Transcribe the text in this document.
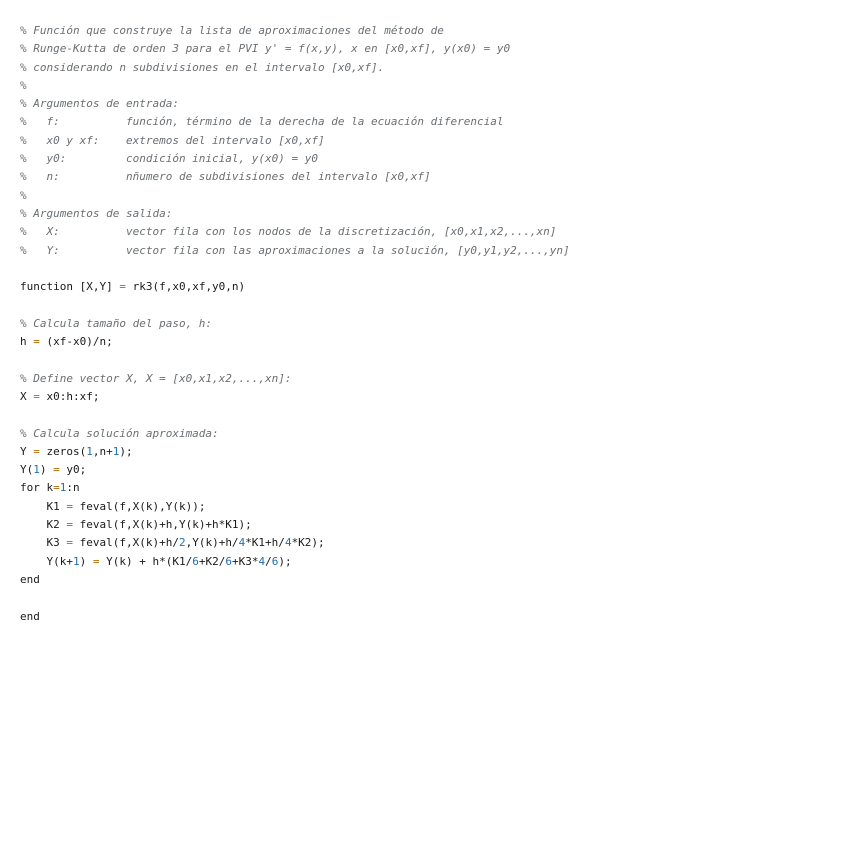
% Función que construye la lista de aproximaciones del método de
% Runge-Kutta de orden 3 para el PVI y' = f(x,y), x en [x0,xf], y(x0) = y0
% considerando n subdivisiones en el intervalo [x0,xf].
%
% Argumentos de entrada:
%   f:          función, término de la derecha de la ecuación diferencial
%   x0 y xf:    extremos del intervalo [x0,xf]
%   y0:         condición inicial, y(x0) = y0
%   n:          nñumero de subdivisiones del intervalo [x0,xf]
%
% Argumentos de salida:
%   X:          vector fila con los nodos de la discretización, [x0,x1,x2,...,xn]
%   Y:          vector fila con las aproximaciones a la solución, [y0,y1,y2,...,yn]
function [X,Y] = rk3(f,x0,xf,y0,n)
% Calcula tamaño del paso, h:
h = (xf-x0)/n;
% Define vector X, X = [x0,x1,x2,...,xn]:
X = x0:h:xf;
% Calcula solución aproximada:
Y = zeros(1,n+1);
Y(1) = y0;
for k=1:n
K1 = feval(f,X(k),Y(k));
K2 = feval(f,X(k)+h,Y(k)+h*K1);
K3 = feval(f,X(k)+h/2,Y(k)+h/4*K1+h/4*K2);
Y(k+1) = Y(k) + h*(K1/6+K2/6+K3*4/6);
end
end
